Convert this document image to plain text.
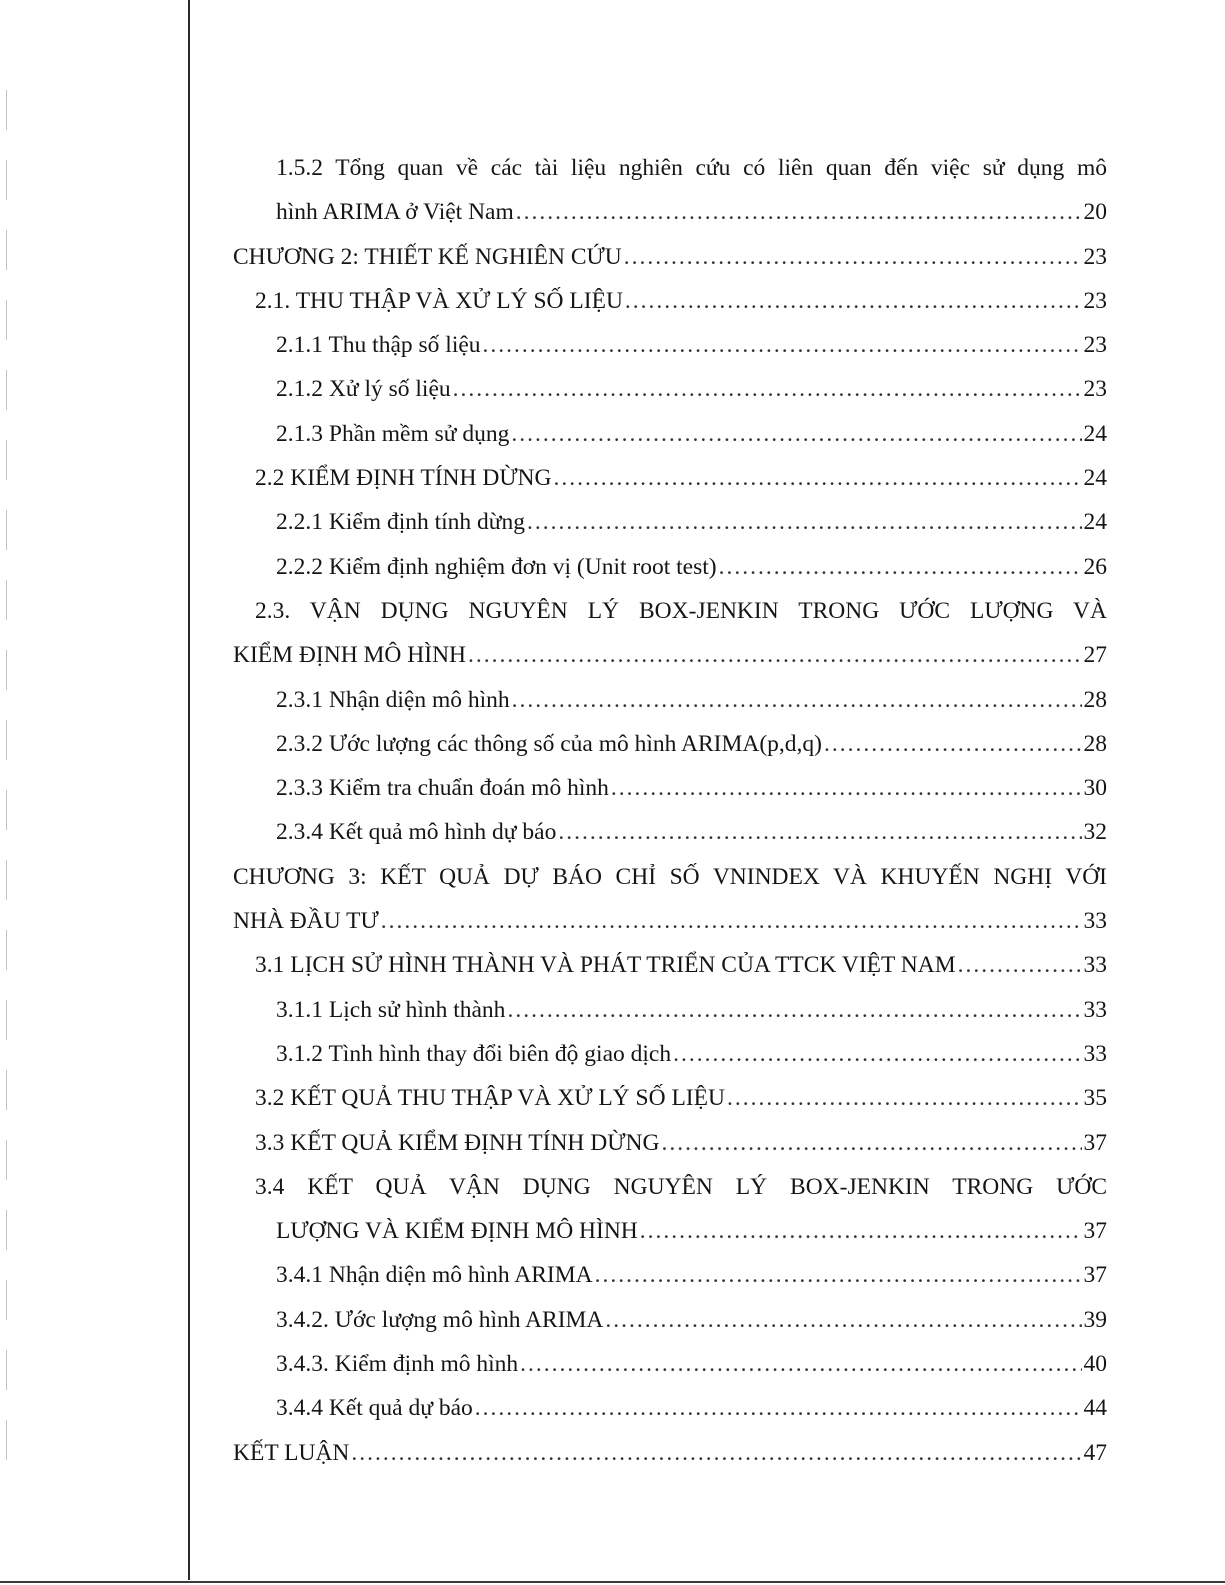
1.5.2 Tổng quan về các tài liệu nghiên cứu có liên quan đến việc sử dụng mô
hình ARIMA ở Việt Nam .....	20
CHƯƠNG 2: THIẾT KẾ NGHIÊN CỨU .....	23
2.1. THU THẬP VÀ XỬ LÝ SỐ LIỆU .....	23
2.1.1 Thu thập số liệu .....	23
2.1.2 Xử lý số liệu .....	23
2.1.3 Phần mềm sử dụng .....	24
2.2 KIỂM ĐỊNH TÍNH DỪNG .....	24
2.2.1 Kiểm định tính dừng .....	24
2.2.2 Kiểm định nghiệm đơn vị (Unit root test) .....	26
2.3. VẬN DỤNG NGUYÊN LÝ BOX-JENKIN TRONG ƯỚC LƯỢNG VÀ
KIỂM ĐỊNH MÔ HÌNH .....	27
2.3.1 Nhận diện mô hình .....	28
2.3.2 Ước lượng các thông số của mô hình ARIMA(p,d,q) .....	28
2.3.3 Kiểm tra chuẩn đoán mô hình .....	30
2.3.4 Kết quả mô hình dự báo .....	32
CHƯƠNG 3: KẾT QUẢ DỰ BÁO CHỈ SỐ VNINDEX VÀ KHUYẾN NGHỊ VỚI
NHÀ ĐẦU TƯ .....	33
3.1 LỊCH SỬ HÌNH THÀNH VÀ PHÁT TRIỂN CỦA TTCK VIỆT NAM .....	33
3.1.1 Lịch sử hình thành .....	33
3.1.2 Tình hình thay đổi biên độ giao dịch .....	33
3.2 KẾT QUẢ THU THẬP VÀ XỬ LÝ SỐ LIỆU .....	35
3.3 KẾT QUẢ KIỂM ĐỊNH TÍNH DỪNG .....	37
3.4 KẾT QUẢ VẬN DỤNG NGUYÊN LÝ BOX-JENKIN TRONG ƯỚC
LƯỢNG VÀ KIỂM ĐỊNH MÔ HÌNH .....	37
3.4.1 Nhận diện mô hình ARIMA .....	37
3.4.2. Ước lượng mô hình ARIMA .....	39
3.4.3. Kiểm định mô hình .....	40
3.4.4 Kết quả dự báo .....	44
KẾT LUẬN .....	47
